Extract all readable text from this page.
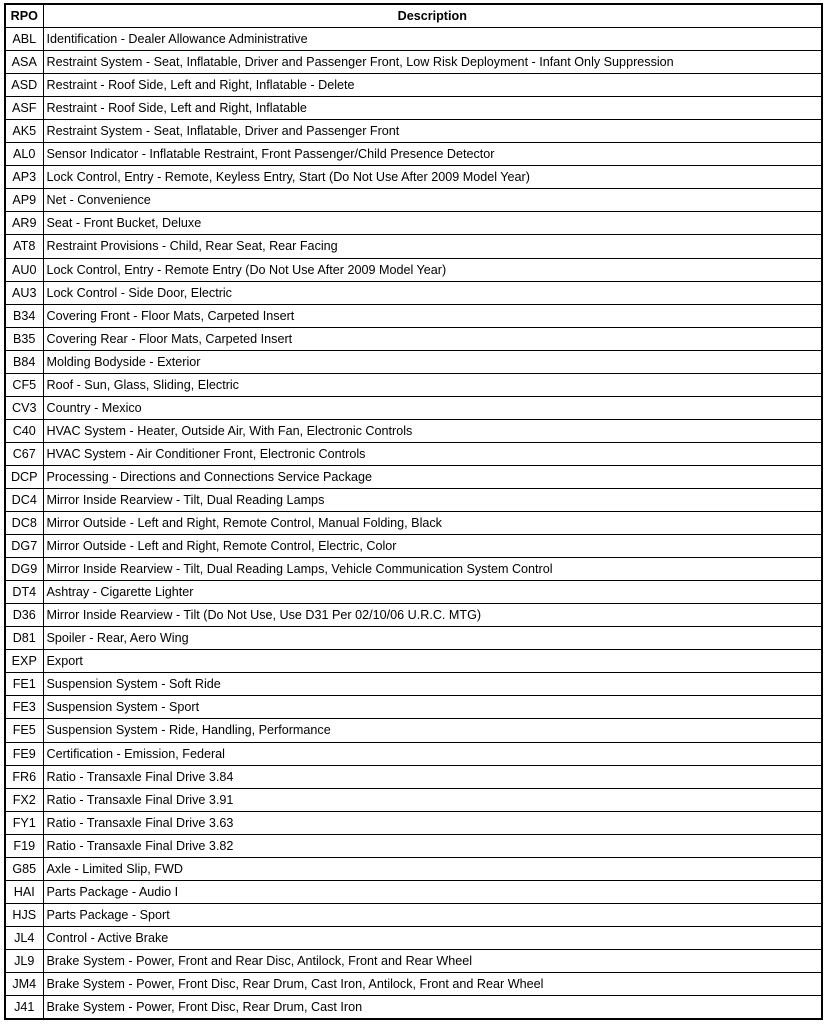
RPO	Description
ABL	Identification - Dealer Allowance Administrative
ASA	Restraint System - Seat, Inflatable, Driver and Passenger Front, Low Risk Deployment - Infant Only Suppression
ASD	Restraint - Roof Side, Left and Right, Inflatable - Delete
ASF	Restraint - Roof Side, Left and Right, Inflatable
AK5	Restraint System - Seat, Inflatable, Driver and Passenger Front
AL0	Sensor Indicator - Inflatable Restraint, Front Passenger/Child Presence Detector
AP3	Lock Control, Entry - Remote, Keyless Entry, Start (Do Not Use After 2009 Model Year)
AP9	Net - Convenience
AR9	Seat - Front Bucket, Deluxe
AT8	Restraint Provisions - Child, Rear Seat, Rear Facing
AU0	Lock Control, Entry - Remote Entry (Do Not Use After 2009 Model Year)
AU3	Lock Control - Side Door, Electric
B34	Covering Front - Floor Mats, Carpeted Insert
B35	Covering Rear - Floor Mats, Carpeted Insert
B84	Molding Bodyside - Exterior
CF5	Roof - Sun, Glass, Sliding, Electric
CV3	Country - Mexico
C40	HVAC System - Heater, Outside Air, With Fan, Electronic Controls
C67	HVAC System - Air Conditioner Front, Electronic Controls
DCP	Processing - Directions and Connections Service Package
DC4	Mirror Inside Rearview - Tilt, Dual Reading Lamps
DC8	Mirror Outside - Left and Right, Remote Control, Manual Folding, Black
DG7	Mirror Outside - Left and Right, Remote Control, Electric, Color
DG9	Mirror Inside Rearview - Tilt, Dual Reading Lamps, Vehicle Communication System Control
DT4	Ashtray - Cigarette Lighter
D36	Mirror Inside Rearview - Tilt (Do Not Use, Use D31 Per 02/10/06 U.R.C. MTG)
D81	Spoiler - Rear, Aero Wing
EXP	Export
FE1	Suspension System - Soft Ride
FE3	Suspension System - Sport
FE5	Suspension System - Ride, Handling, Performance
FE9	Certification - Emission, Federal
FR6	Ratio - Transaxle Final Drive 3.84
FX2	Ratio - Transaxle Final Drive 3.91
FY1	Ratio - Transaxle Final Drive 3.63
F19	Ratio - Transaxle Final Drive 3.82
G85	Axle - Limited Slip, FWD
HAI	Parts Package - Audio I
HJS	Parts Package - Sport
JL4	Control - Active Brake
JL9	Brake System - Power, Front and Rear Disc, Antilock, Front and Rear Wheel
JM4	Brake System - Power, Front Disc, Rear Drum, Cast Iron, Antilock, Front and Rear Wheel
J41	Brake System - Power, Front Disc, Rear Drum, Cast Iron
